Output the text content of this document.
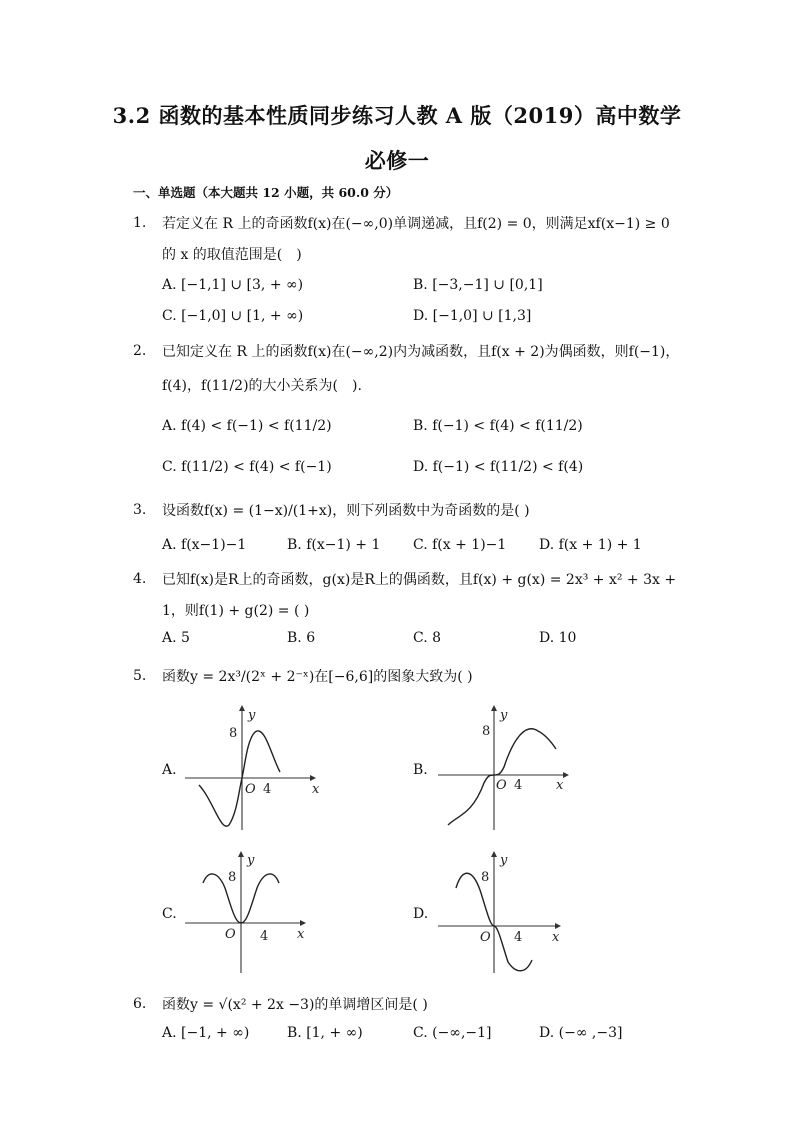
3.2 函数的基本性质同步练习人教 A 版（2019）高中数学
必修一
一、单选题（本大题共 12 小题，共 60.0 分）
1. 若定义在 R 上的奇函数f(x)在(−∞,0)单调递减，且f(2) = 0，则满足xf(x−1) ≥ 0
的 x 的取值范围是(　)
A. [−1,1] ∪ [3, + ∞)	B. [−3,−1] ∪ [0,1]
C. [−1,0] ∪ [1, + ∞)	D. [−1,0] ∪ [1,3]
2. 已知定义在 R 上的函数f(x)在(−∞,2)内为减函数，且f(x + 2)为偶函数，则f(−1)，
f(4)，f(11/2)的大小关系为(　).
A. f(4) < f(−1) < f(11/2)	B. f(−1) < f(4) < f(11/2)
C. f(11/2) < f(4) < f(−1)	D. f(−1) < f(11/2) < f(4)
3. 设函数f(x) = (1−x)/(1+x)，则下列函数中为奇函数的是( )
A. f(x−1)−1	B. f(x−1) + 1 C. f(x + 1)−1 D. f(x + 1) + 1
4. 已知f(x)是R上的奇函数，g(x)是R上的偶函数，且f(x) + g(x) = 2x³ + x² + 3x +
1，则f(1) + g(2) = ( )
A. 5	B. 6	C. 8	D. 10
5. 函数y = 2x³/(2ˣ + 2⁻ˣ)在[−6,6]的图象大致为( )
A.
y
x
O
8
4
B.
y
x
O
8
4
C.
y
x
O
8
4
D.
y
x
O
8
4
6. 函数y = √(x² + 2x −3)的单调增区间是( )
A. [−1, + ∞)	B. [1, + ∞)	C. (−∞,−1]	D. (−∞ ,−3]
